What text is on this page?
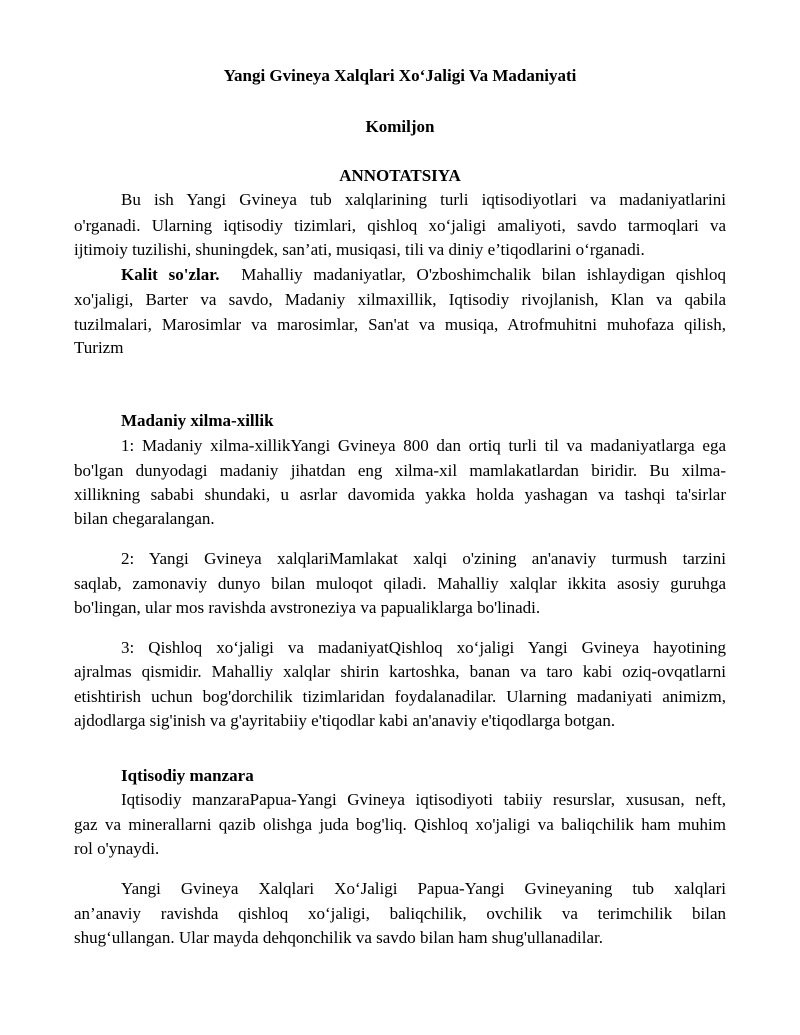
Yangi Gvineya Xalqlari Xo‘Jaligi Va Madaniyati
Komiljon
ANNOTATSIYA
Bu ish Yangi Gvineya tub xalqlarining turli iqtisodiyotlari va madaniyatlarini
o'rganadi. Ularning iqtisodiy tizimlari, qishloq xo‘jaligi amaliyoti, savdo tarmoqlari va
ijtimoiy tuzilishi, shuningdek, san’ati, musiqasi, tili va diniy e’tiqodlarini o‘rganadi.
Kalit so'zlar. Mahalliy madaniyatlar, O'zboshimchalik bilan ishlaydigan qishloq
xo'jaligi, Barter va savdo, Madaniy xilmaxillik, Iqtisodiy rivojlanish, Klan va qabila
tuzilmalari, Marosimlar va marosimlar, San'at va musiqa, Atrofmuhitni muhofaza qilish,
Turizm
Madaniy xilma-xillik
1: Madaniy xilma-xillikYangi Gvineya 800 dan ortiq turli til va madaniyatlarga ega
bo'lgan dunyodagi madaniy jihatdan eng xilma-xil mamlakatlardan biridir. Bu xilma-
xillikning sababi shundaki, u asrlar davomida yakka holda yashagan va tashqi ta'sirlar
bilan chegaralangan.
2: Yangi Gvineya xalqlariMamlakat xalqi o'zining an'anaviy turmush tarzini
saqlab, zamonaviy dunyo bilan muloqot qiladi. Mahalliy xalqlar ikkita asosiy guruhga
bo'lingan, ular mos ravishda avstroneziya va papualiklarga bo'linadi.
3: Qishloq xo‘jaligi va madaniyatQishloq xo‘jaligi Yangi Gvineya hayotining
ajralmas qismidir. Mahalliy xalqlar shirin kartoshka, banan va taro kabi oziq-ovqatlarni
etishtirish uchun bog'dorchilik tizimlaridan foydalanadilar. Ularning madaniyati animizm,
ajdodlarga sig'inish va g'ayritabiiy e'tiqodlar kabi an'anaviy e'tiqodlarga botgan.
Iqtisodiy manzara
Iqtisodiy manzaraPapua-Yangi Gvineya iqtisodiyoti tabiiy resurslar, xususan, neft,
gaz va minerallarni qazib olishga juda bog'liq. Qishloq xo'jaligi va baliqchilik ham muhim
rol o'ynaydi.
Yangi Gvineya Xalqlari Xo‘Jaligi Papua-Yangi Gvineyaning tub xalqlari
an’anaviy ravishda qishloq xo‘jaligi, baliqchilik, ovchilik va terimchilik bilan
shug‘ullangan. Ular mayda dehqonchilik va savdo bilan ham shug'ullanadilar.
